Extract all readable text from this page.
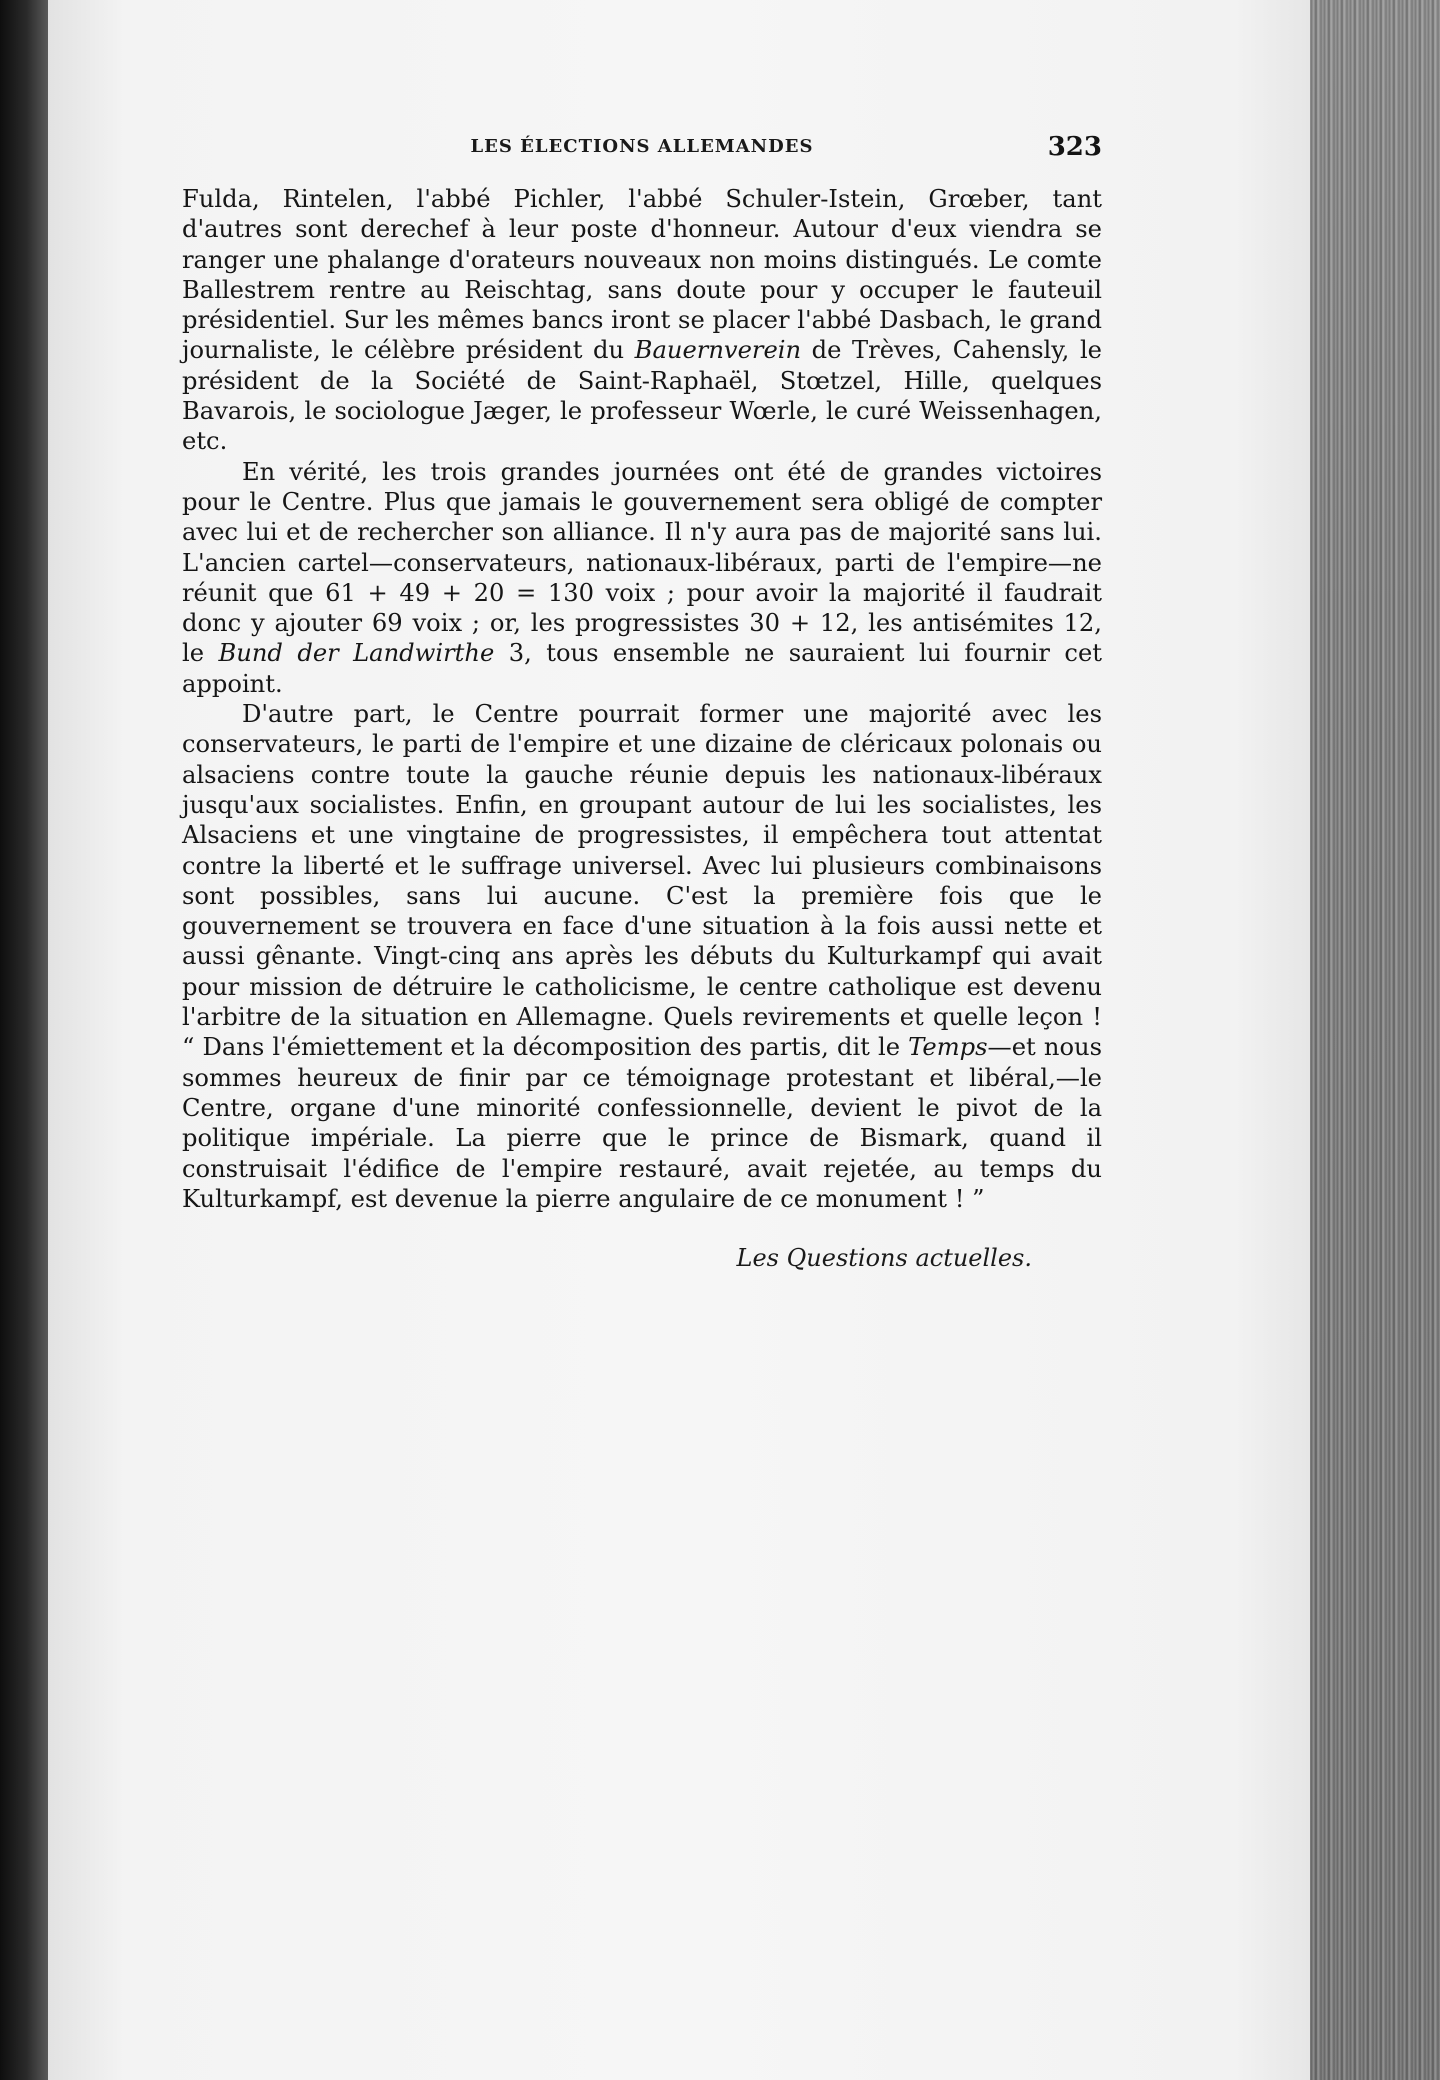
LES ÉLECTIONS ALLEMANDES	323

Fulda, Rintelen, l'abbé Pichler, l'abbé Schuler-Istein, Grœber, tant d'autres sont derechef à leur poste d'honneur. Autour d'eux viendra se ranger une phalange d'orateurs nouveaux non moins distingués. Le comte Ballestrem rentre au Reischtag, sans doute pour y occuper le fauteuil présidentiel. Sur les mêmes bancs iront se placer l'abbé Dasbach, le grand journaliste, le célèbre président du Bauernverein de Trèves, Cahensly, le président de la Société de Saint-Raphaël, Stœtzel, Hille, quelques Bavarois, le sociologue Jæger, le professeur Wœrle, le curé Weissenhagen, etc.

En vérité, les trois grandes journées ont été de grandes victoires pour le Centre. Plus que jamais le gouvernement sera obligé de compter avec lui et de rechercher son alliance. Il n'y aura pas de majorité sans lui. L'ancien cartel—conservateurs, nationaux-libéraux, parti de l'empire—ne réunit que 61 + 49 + 20 = 130 voix ; pour avoir la majorité il faudrait donc y ajouter 69 voix ; or, les progressistes 30 + 12, les antisémites 12, le Bund der Landwirthe 3, tous ensemble ne sauraient lui fournir cet appoint.

D'autre part, le Centre pourrait former une majorité avec les conservateurs, le parti de l'empire et une dizaine de cléricaux polonais ou alsaciens contre toute la gauche réunie depuis les nationaux-libéraux jusqu'aux socialistes. Enfin, en groupant autour de lui les socialistes, les Alsaciens et une vingtaine de progressistes, il empêchera tout attentat contre la liberté et le suffrage universel. Avec lui plusieurs combinaisons sont possibles, sans lui aucune. C'est la première fois que le gouvernement se trouvera en face d'une situation à la fois aussi nette et aussi gênante. Vingt-cinq ans après les débuts du Kulturkampf qui avait pour mission de détruire le catholicisme, le centre catholique est devenu l'arbitre de la situation en Allemagne. Quels revirements et quelle leçon ! “ Dans l'émiettement et la décomposition des partis, dit le Temps—et nous sommes heureux de finir par ce témoignage protestant et libéral,—le Centre, organe d'une minorité confessionnelle, devient le pivot de la politique impériale. La pierre que le prince de Bismark, quand il construisait l'édifice de l'empire restauré, avait rejetée, au temps du Kulturkampf, est devenue la pierre angulaire de ce monument ! ”

Les Questions actuelles.
